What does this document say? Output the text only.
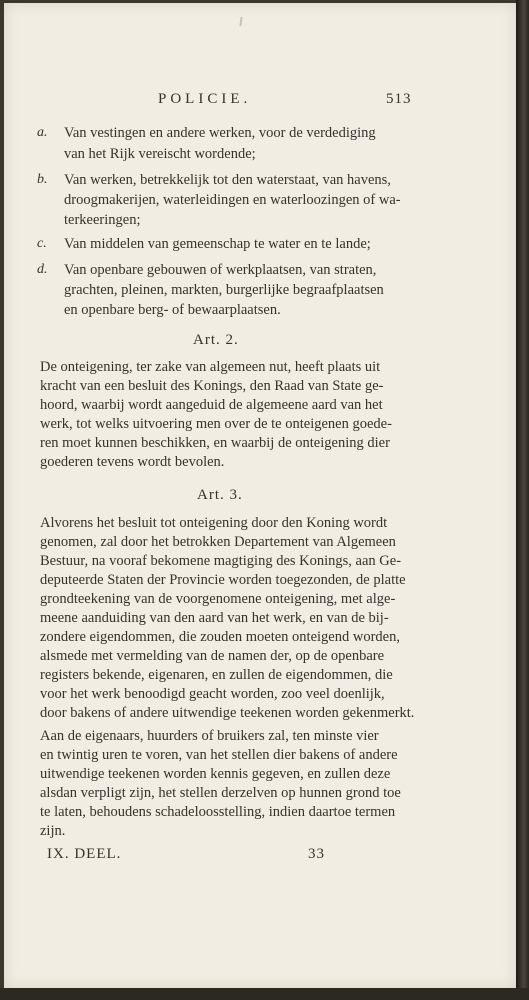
POLICIE.	513
a. Van vestingen en andere werken, voor de verdediging
van het Rijk vereischt wordende;
b. Van werken, betrekkelijk tot den waterstaat, van havens,
droogmakerijen, waterleidingen en waterloozingen of wa-
terkeeringen;
c. Van middelen van gemeenschap te water en te lande;
d. Van openbare gebouwen of werkplaatsen, van straten,
grachten, pleinen, markten, burgerlijke begraafplaatsen
en openbare berg- of bewaarplaatsen.
Art. 2.
De onteigening, ter zake van algemeen nut, heeft plaats uit
kracht van een besluit des Konings, den Raad van State ge-
hoord, waarbij wordt aangeduid de algemeene aard van het
werk, tot welks uitvoering men over de te onteigenen goede-
ren moet kunnen beschikken, en waarbij de onteigening dier
goederen tevens wordt bevolen.
Art. 3.
Alvorens het besluit tot onteigening door den Koning wordt
genomen, zal door het betrokken Departement van Algemeen
Bestuur, na vooraf bekomene magtiging des Konings, aan Ge-
deputeerde Staten der Provincie worden toegezonden, de platte
grondteekening van de voorgenomene onteigening, met alge-
meene aanduiding van den aard van het werk, en van de bij-
zondere eigendommen, die zouden moeten onteigend worden,
alsmede met vermelding van de namen der, op de openbare
registers bekende, eigenaren, en zullen de eigendommen, die
voor het werk benoodigd geacht worden, zoo veel doenlijk,
door bakens of andere uitwendige teekenen worden gekenmerkt.
Aan de eigenaars, huurders of bruikers zal, ten minste vier
en twintig uren te voren, van het stellen dier bakens of andere
uitwendige teekenen worden kennis gegeven, en zullen deze
alsdan verpligt zijn, het stellen derzelven op hunnen grond toe
te laten, behoudens schadeloosstelling, indien daartoe termen
zijn.
IX. DEEL.	33
